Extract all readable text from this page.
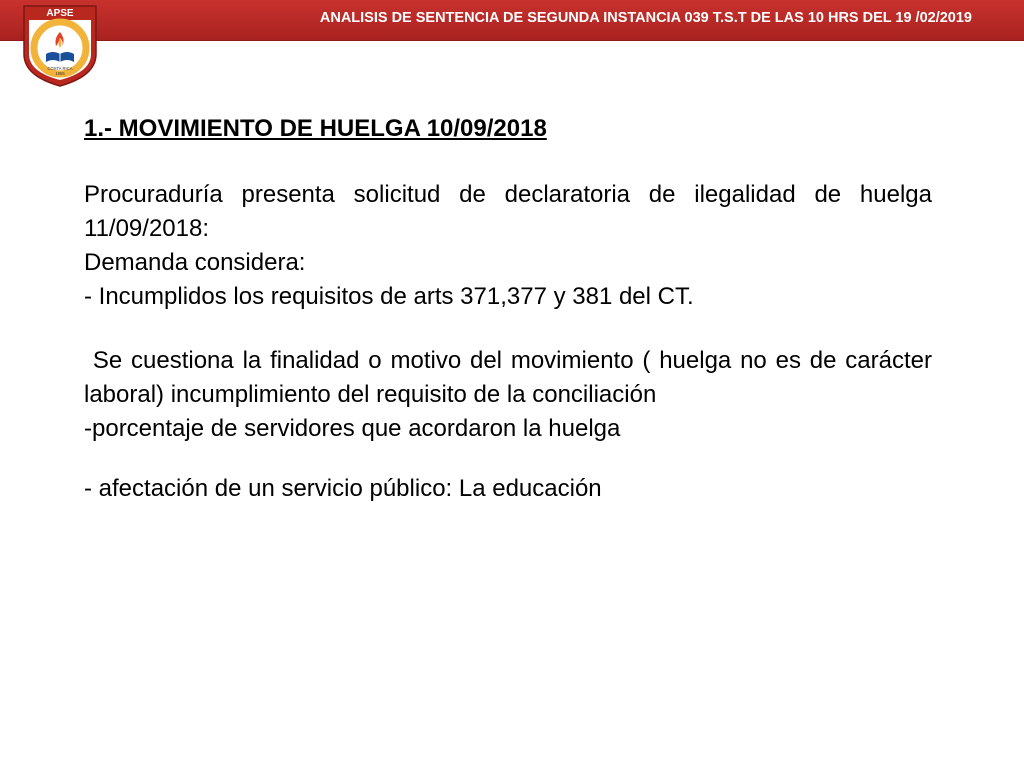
ANALISIS DE SENTENCIA DE SEGUNDA INSTANCIA 039 T.S.T DE LAS 10 HRS DEL 19 /02/2019
APSE
COSTA RICA
1955
1.- MOVIMIENTO DE HUELGA 10/09/2018

Procuraduría presenta solicitud de declaratoria de ilegalidad de huelga 11/09/2018:

Demanda considera:

- Incumplidos los requisitos de arts 371,377 y 381 del CT.

Se cuestiona la finalidad o motivo del movimiento ( huelga no es de carácter laboral) incumplimiento del requisito de la conciliación

-porcentaje de servidores que acordaron la huelga

- afectación de un servicio público: La educación
